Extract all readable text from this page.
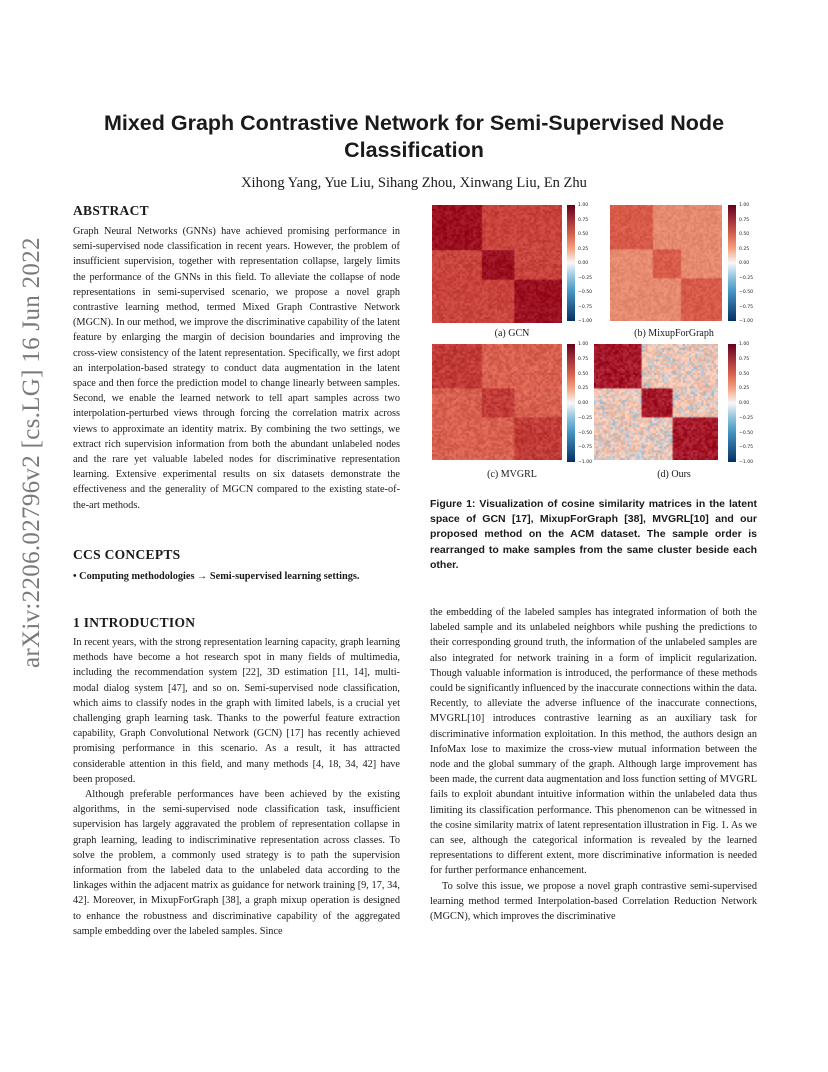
arXiv:2206.02796v2 [cs.LG] 16 Jun 2022
Mixed Graph Contrastive Network for Semi-Supervised Node Classification
Xihong Yang, Yue Liu, Sihang Zhou, Xinwang Liu, En Zhu
ABSTRACT

Graph Neural Networks (GNNs) have achieved promising performance in semi-supervised node classification in recent years. However, the problem of insufficient supervision, together with representation collapse, largely limits the performance of the GNNs in this field. To alleviate the collapse of node representations in semi-supervised scenario, we propose a novel graph contrastive learning method, termed Mixed Graph Contrastive Network (MGCN). In our method, we improve the discriminative capability of the latent feature by enlarging the margin of decision boundaries and improving the cross-view consistency of the latent representation. Specifically, we first adopt an interpolation-based strategy to conduct data augmentation in the latent space and then force the prediction model to change linearly between samples. Second, we enable the learned network to tell apart samples across two interpolation-perturbed views through forcing the correlation matrix across views to approximate an identity matrix. By combining the two settings, we extract rich supervision information from both the abundant unlabeled nodes and the rare yet valuable labeled nodes for discriminative representation learning. Extensive experimental results on six datasets demonstrate the effectiveness and the generality of MGCN compared to the existing state-of-the-art methods.

CCS CONCEPTS

• Computing methodologies → Semi-supervised learning settings.

1 INTRODUCTION

In recent years, with the strong representation learning capacity, graph learning methods have become a hot research spot in many fields of multimedia, including the recommendation system [22], 3D estimation [11, 14], multi-modal dialog system [47], and so on. Semi-supervised node classification, which aims to classify nodes in the graph with limited labels, is a crucial yet challenging graph learning task. Thanks to the powerful feature extraction capability, Graph Convolutional Network (GCN) [17] has recently achieved promising performance in this scenario. As a result, it has attracted considerable attention in this field, and many methods [4, 18, 34, 42] have been proposed.

Although preferable performances have been achieved by the existing algorithms, in the semi-supervised node classification task, insufficient supervision has largely aggravated the problem of representation collapse in graph learning, leading to indiscriminative representation across classes. To solve the problem, a commonly used strategy is to path the supervision information from the labeled data to the unlabeled data according to the linkages within the adjacent matrix as guidance for network training [9, 17, 34, 42]. Moreover, in MixupForGraph [38], a graph mixup operation is designed to enhance the robustness and discriminative capability of the aggregated sample embedding over the labeled samples. Since

the embedding of the labeled samples has integrated information of both the labeled sample and its unlabeled neighbors while pushing the predictions to their corresponding ground truth, the information of the unlabeled samples are also integrated for network training in a form of implicit regularization. Though valuable information is introduced, the performance of these methods could be significantly influenced by the inaccurate connections within the data. Recently, to alleviate the adverse influence of the inaccurate connections, MVGRL[10] introduces contrastive learning as an auxiliary task for discriminative information exploitation. In this method, the authors design an InfoMax lose to maximize the cross-view mutual information between the node and the global summary of the graph. Although large improvement has been made, the current data augmentation and loss function setting of MVGRL fails to exploit abundant intuitive information within the unlabeled data thus limiting its classification performance. This phenomenon can be witnessed in the cosine similarity matrix of latent representation illustration in Fig. 1. As we can see, although the categorical information is revealed by the learned representations to different extent, more discriminative information is needed for further performance enhancement.

To solve this issue, we propose a novel graph contrastive semi-supervised learning method termed Interpolation-based Correlation Reduction Network (MGCN), which improves the discriminative

1.00
0.75
0.50
0.25
0.00
−0.25
−0.50
−0.75
−1.00
1.00
0.75
0.50
0.25
0.00
−0.25
−0.50
−0.75
−1.00
1.00
0.75
0.50
0.25
0.00
−0.25
−0.50
−0.75
−1.00
1.00
0.75
0.50
0.25
0.00
−0.25
−0.50
−0.75
−1.00
(a) GCN	(b) MixupForGraph
(c) MVGRL	(d) Ours
Figure 1: Visualization of cosine similarity matrices in the latent space of GCN [17], MixupForGraph [38], MVGRL[10] and our proposed method on the ACM dataset. The sample order is rearranged to make samples from the same cluster beside each other.
